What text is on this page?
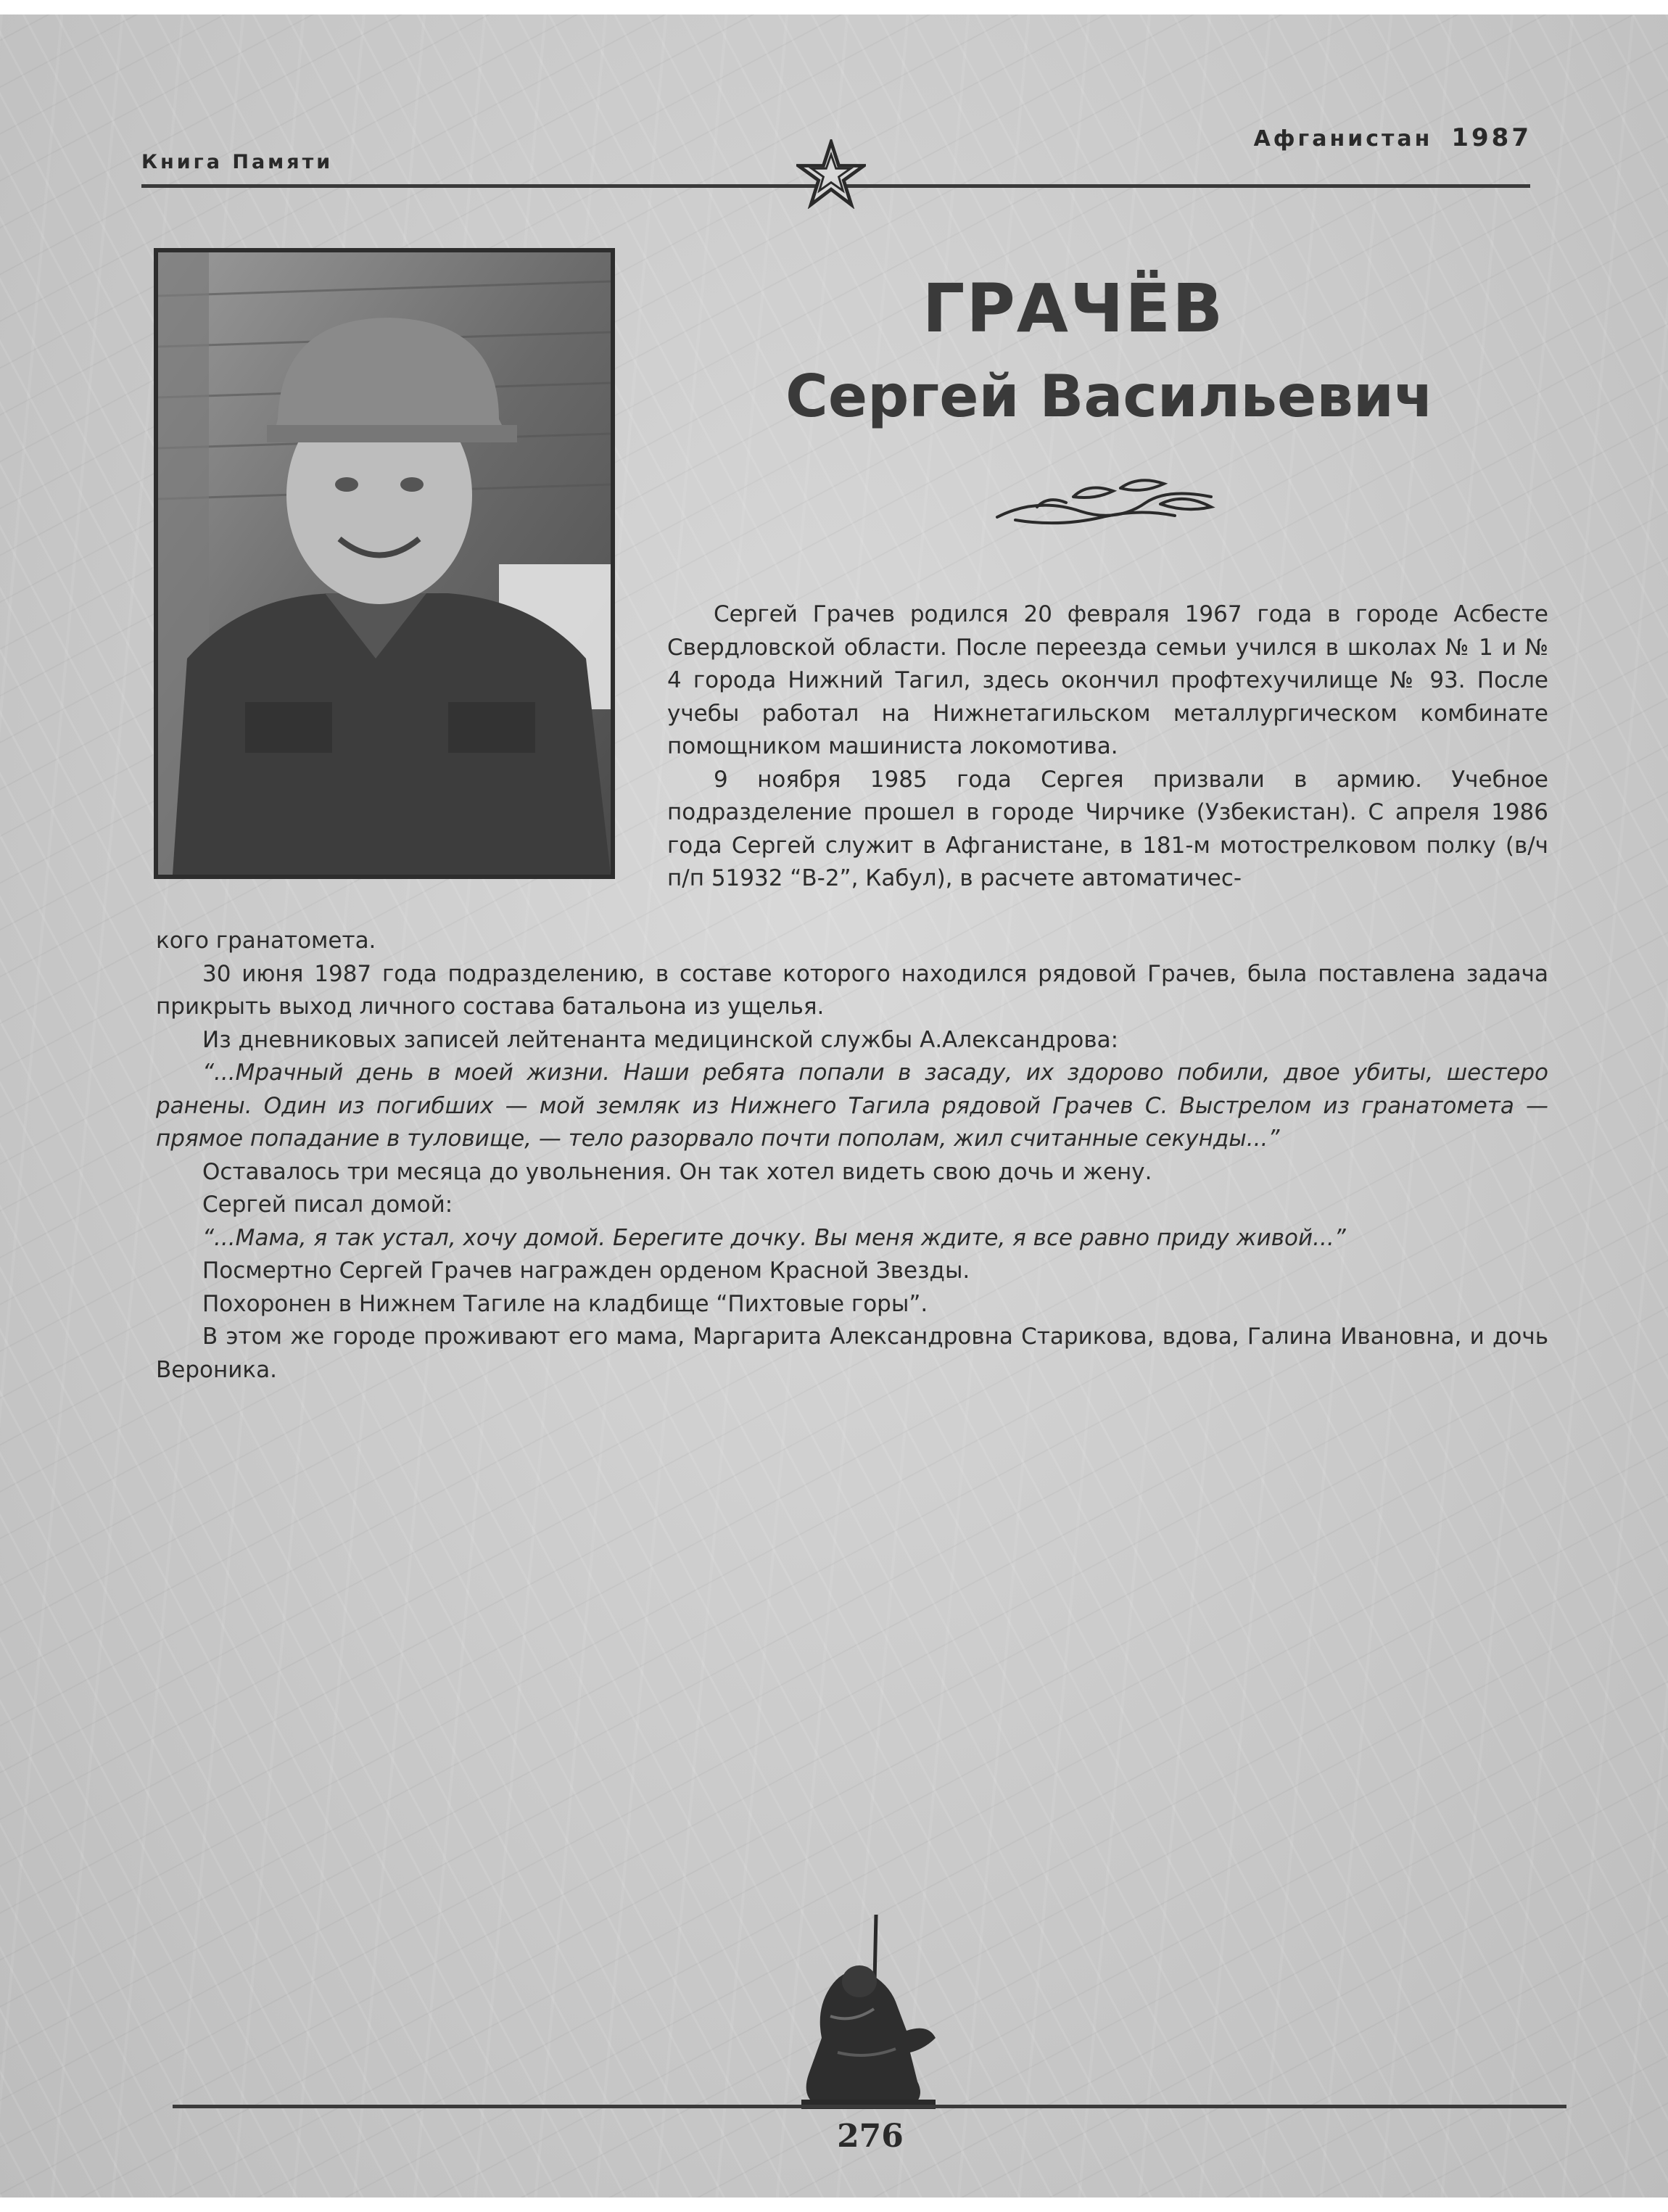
Книга Памяти
Афганистан 1987
ГРАЧЁВ
Сергей Васильевич

Сергей Грачев родился 20 февраля 1967 года в городе Асбесте Свердловской области. После переезда семьи учился в школах № 1 и № 4 города Нижний Тагил, здесь окончил профтехучилище № 93. После учебы работал на Нижнетагильском металлургическом комбинате помощником машиниста локомотива.

9 ноября 1985 года Сергея призвали в армию. Учебное подразделение прошел в городе Чирчике (Узбекистан). С апреля 1986 года Сергей служит в Афганистане, в 181-м мотострелковом полку (в/ч п/п 51932 “В-2”, Кабул), в расчете автоматичес-

кого гранатомета.

30 июня 1987 года подразделению, в составе которого находился рядовой Грачев, была поставлена задача прикрыть выход личного состава батальона из ущелья.

Из дневниковых записей лейтенанта медицинской службы А.Александрова:

“...Мрачный день в моей жизни. Наши ребята попали в засаду, их здорово побили, двое убиты, шестеро ранены. Один из погибших — мой земляк из Нижнего Тагила рядовой Грачев С. Выстрелом из гранатомета — прямое попадание в туловище, — тело разорвало почти пополам, жил считанные секунды...”

Оставалось три месяца до увольнения. Он так хотел видеть свою дочь и жену.

Сергей писал домой:

“...Мама, я так устал, хочу домой. Берегите дочку. Вы меня ждите, я все равно приду живой...”

Посмертно Сергей Грачев награжден орденом Красной Звезды.

Похоронен в Нижнем Тагиле на кладбище “Пихтовые горы”.

В этом же городе проживают его мама, Маргарита Александровна Старикова, вдова, Галина Ивановна, и дочь Вероника.

276
